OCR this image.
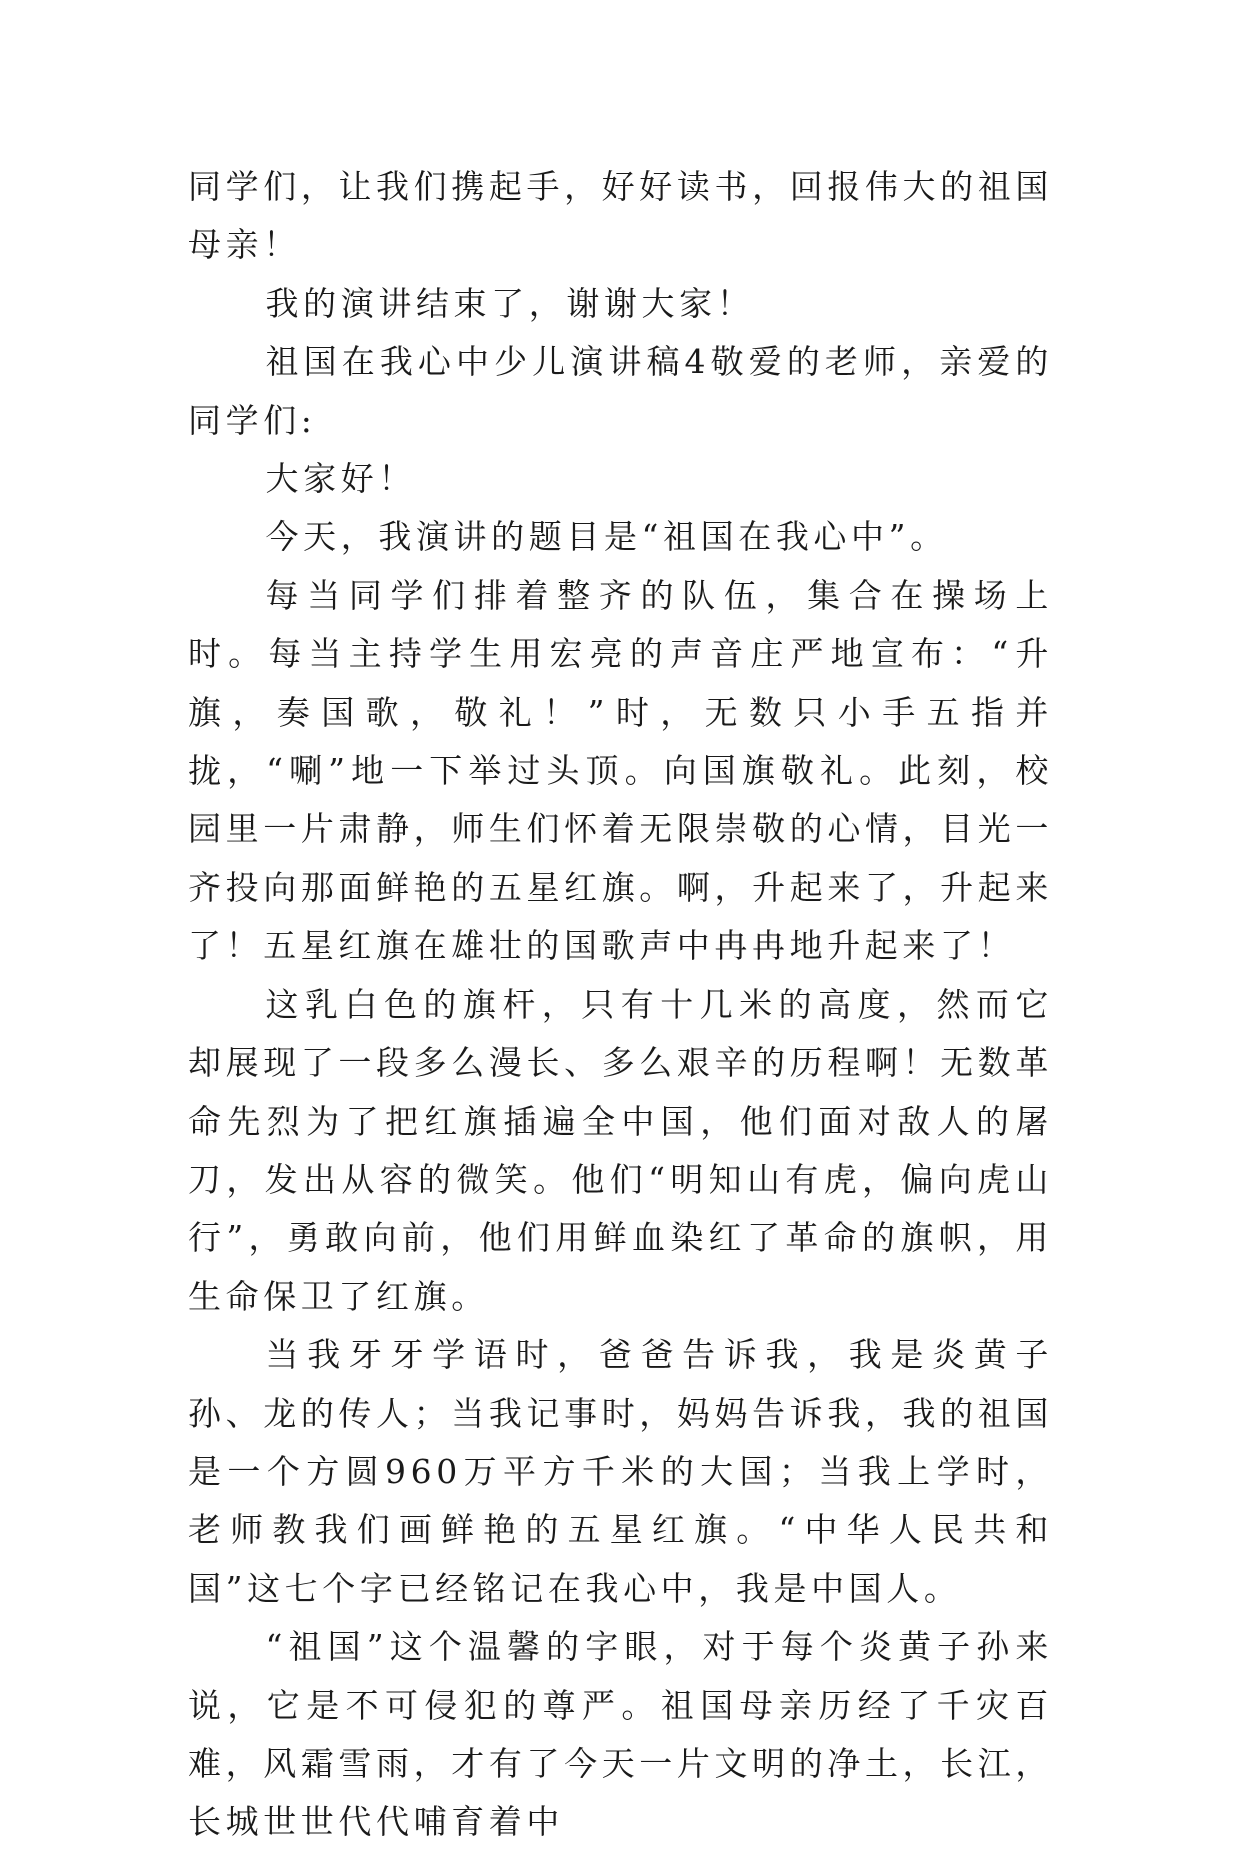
同学们，让我们携起手，好好读书，回报伟大的祖国母亲！

我的演讲结束了，谢谢大家！

祖国在我心中少儿演讲稿4敬爱的老师，亲爱的同学们:

大家好！

今天，我演讲的题目是“祖国在我心中”。

每当同学们排着整齐的队伍，集合在操场上时。每当主持学生用宏亮的声音庄严地宣布：“升旗，奏国歌，敬礼！”时，无数只小手五指并拢，“唰”地一下举过头顶。向国旗敬礼。此刻，校园里一片肃静，师生们怀着无限崇敬的心情，目光一齐投向那面鲜艳的五星红旗。啊，升起来了，升起来了！五星红旗在雄壮的国歌声中冉冉地升起来了！

这乳白色的旗杆，只有十几米的高度，然而它却展现了一段多么漫长、多么艰辛的历程啊！无数革命先烈为了把红旗插遍全中国，他们面对敌人的屠刀，发出从容的微笑。他们“明知山有虎，偏向虎山行”，勇敢向前，他们用鲜血染红了革命的旗帜，用生命保卫了红旗。

当我牙牙学语时，爸爸告诉我，我是炎黄子孙、龙的传人；当我记事时，妈妈告诉我，我的祖国是一个方圆960万平方千米的大国；当我上学时，老师教我们画鲜艳的五星红旗。“中华人民共和国”这七个字已经铭记在我心中，我是中国人。

“祖国”这个温馨的字眼，对于每个炎黄子孙来说，它是不可侵犯的尊严。祖国母亲历经了千灾百难，风霜雪雨，才有了今天一片文明的净土，长江，长城世世代代哺育着中
